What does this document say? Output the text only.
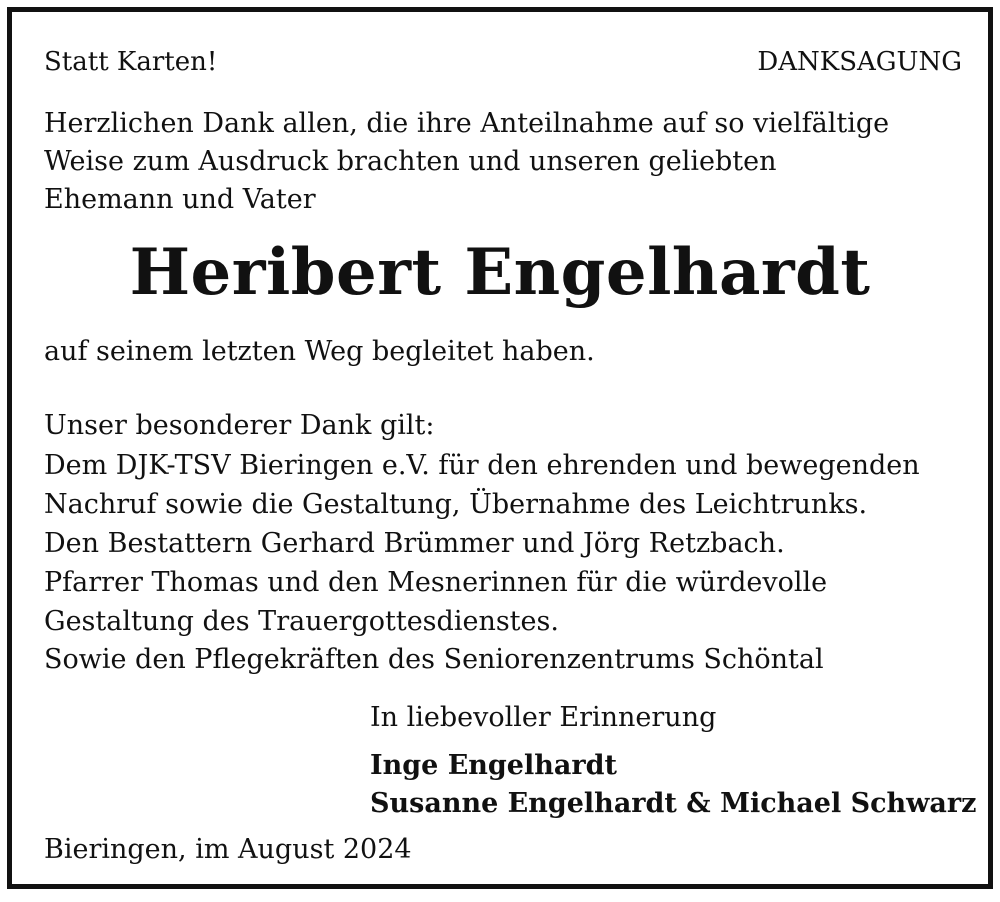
Statt Karten!	DANKSAGUNG
Herzlichen Dank allen, die ihre Anteilnahme auf so vielfältige
Weise zum Ausdruck brachten und unseren geliebten
Ehemann und Vater
Heribert Engelhardt
auf seinem letzten Weg begleitet haben.
Unser besonderer Dank gilt:
Dem DJK-TSV Bieringen e.V. für den ehrenden und bewegenden
Nachruf sowie die Gestaltung, Übernahme des Leichtrunks.
Den Bestattern Gerhard Brümmer und Jörg Retzbach.
Pfarrer Thomas und den Mesnerinnen für die würdevolle
Gestaltung des Trauergottesdienstes.
Sowie den Pflegekräften des Seniorenzentrums Schöntal
In liebevoller Erinnerung
Inge Engelhardt
Susanne Engelhardt & Michael Schwarz
Bieringen, im August 2024
